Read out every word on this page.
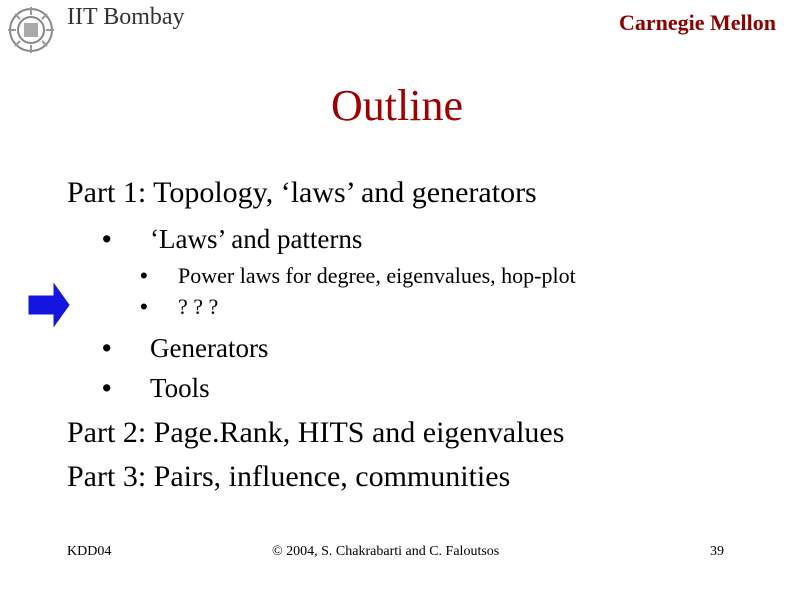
IIT Bombay	Carnegie Mellon
Outline
Part 1: Topology, ‘laws’ and generators
• ‘Laws’ and patterns
• Power laws for degree, eigenvalues, hop-plot
• ? ? ?
• Generators
• Tools
Part 2: Page.Rank, HITS and eigenvalues
Part 3: Pairs, influence, communities
KDD04	© 2004, S. Chakrabarti and C. Faloutsos	39
